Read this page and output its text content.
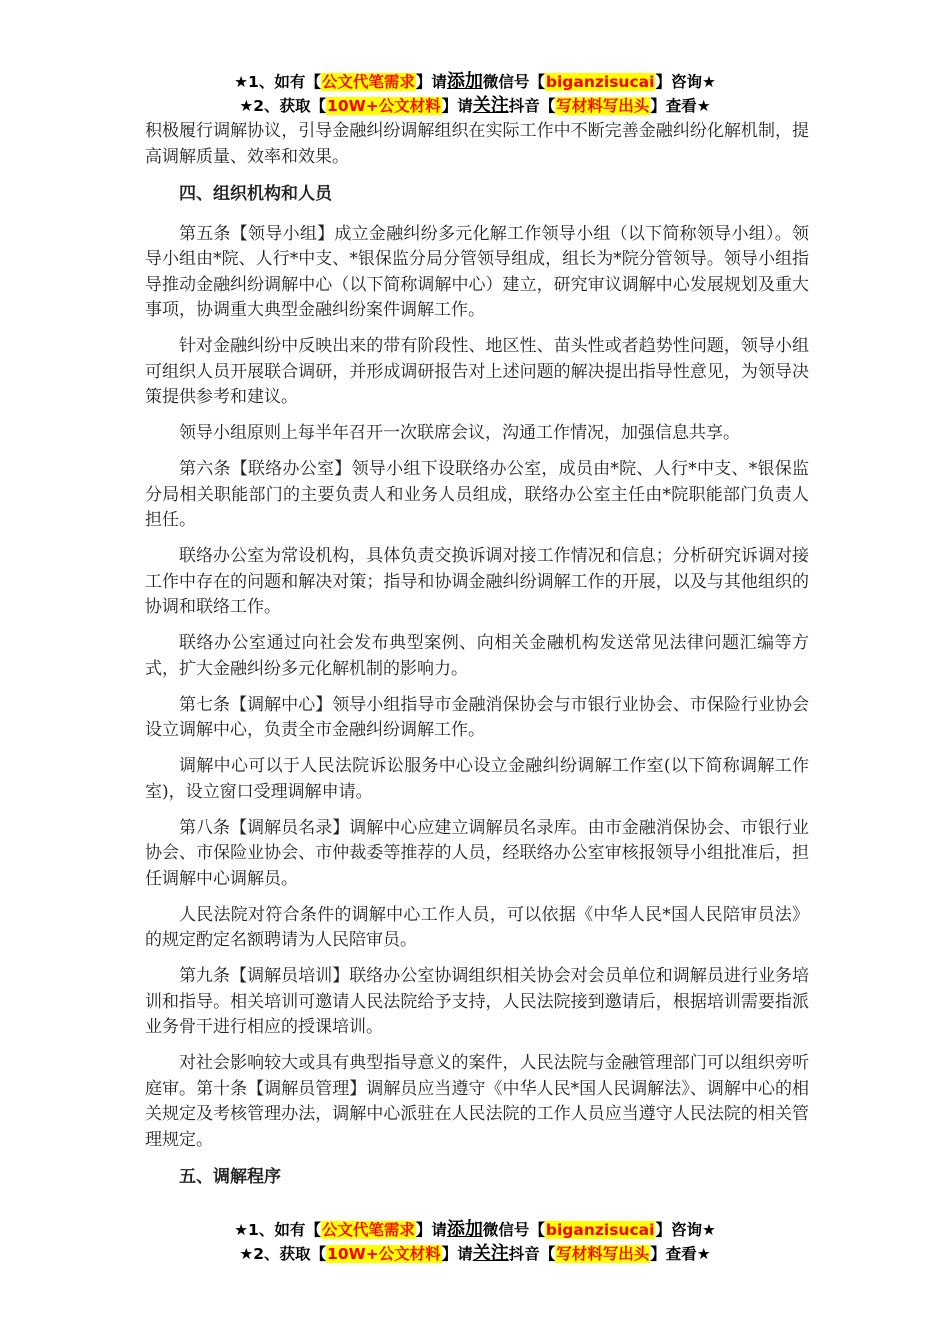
★1、如有【公文代笔需求】请添加微信号【biganzisucai】咨询★
★2、获取【10W+公文材料】请关注抖音【写材料写出头】查看★

积极履行调解协议，引导金融纠纷调解组织在实际工作中不断完善金融纠纷化解机制，提高调解质量、效率和效果。

四、组织机构和人员

第五条【领导小组】成立金融纠纷多元化解工作领导小组（以下简称领导小组）。领导小组由*院、人行*中支、*银保监分局分管领导组成，组长为*院分管领导。领导小组指导推动金融纠纷调解中心（以下简称调解中心）建立，研究审议调解中心发展规划及重大事项，协调重大典型金融纠纷案件调解工作。

针对金融纠纷中反映出来的带有阶段性、地区性、苗头性或者趋势性问题，领导小组可组织人员开展联合调研，并形成调研报告对上述问题的解决提出指导性意见，为领导决策提供参考和建议。

领导小组原则上每半年召开一次联席会议，沟通工作情况，加强信息共享。

第六条【联络办公室】领导小组下设联络办公室，成员由*院、人行*中支、*银保监分局相关职能部门的主要负责人和业务人员组成，联络办公室主任由*院职能部门负责人担任。

联络办公室为常设机构，具体负责交换诉调对接工作情况和信息；分析研究诉调对接工作中存在的问题和解决对策；指导和协调金融纠纷调解工作的开展，以及与其他组织的协调和联络工作。

联络办公室通过向社会发布典型案例、向相关金融机构发送常见法律问题汇编等方式，扩大金融纠纷多元化解机制的影响力。

第七条【调解中心】领导小组指导市金融消保协会与市银行业协会、市保险行业协会设立调解中心，负责全市金融纠纷调解工作。

调解中心可以于人民法院诉讼服务中心设立金融纠纷调解工作室(以下简称调解工作室)，设立窗口受理调解申请。

第八条【调解员名录】调解中心应建立调解员名录库。由市金融消保协会、市银行业协会、市保险业协会、市仲裁委等推荐的人员，经联络办公室审核报领导小组批准后，担任调解中心调解员。

人民法院对符合条件的调解中心工作人员，可以依据《中华人民*国人民陪审员法》的规定酌定名额聘请为人民陪审员。

第九条【调解员培训】联络办公室协调组织相关协会对会员单位和调解员进行业务培训和指导。相关培训可邀请人民法院给予支持，人民法院接到邀请后，根据培训需要指派业务骨干进行相应的授课培训。

对社会影响较大或具有典型指导意义的案件，人民法院与金融管理部门可以组织旁听庭审。第十条【调解员管理】调解员应当遵守《中华人民*国人民调解法》、调解中心的相关规定及考核管理办法，调解中心派驻在人民法院的工作人员应当遵守人民法院的相关管理规定。

五、调解程序

★1、如有【公文代笔需求】请添加微信号【biganzisucai】咨询★
★2、获取【10W+公文材料】请关注抖音【写材料写出头】查看★
